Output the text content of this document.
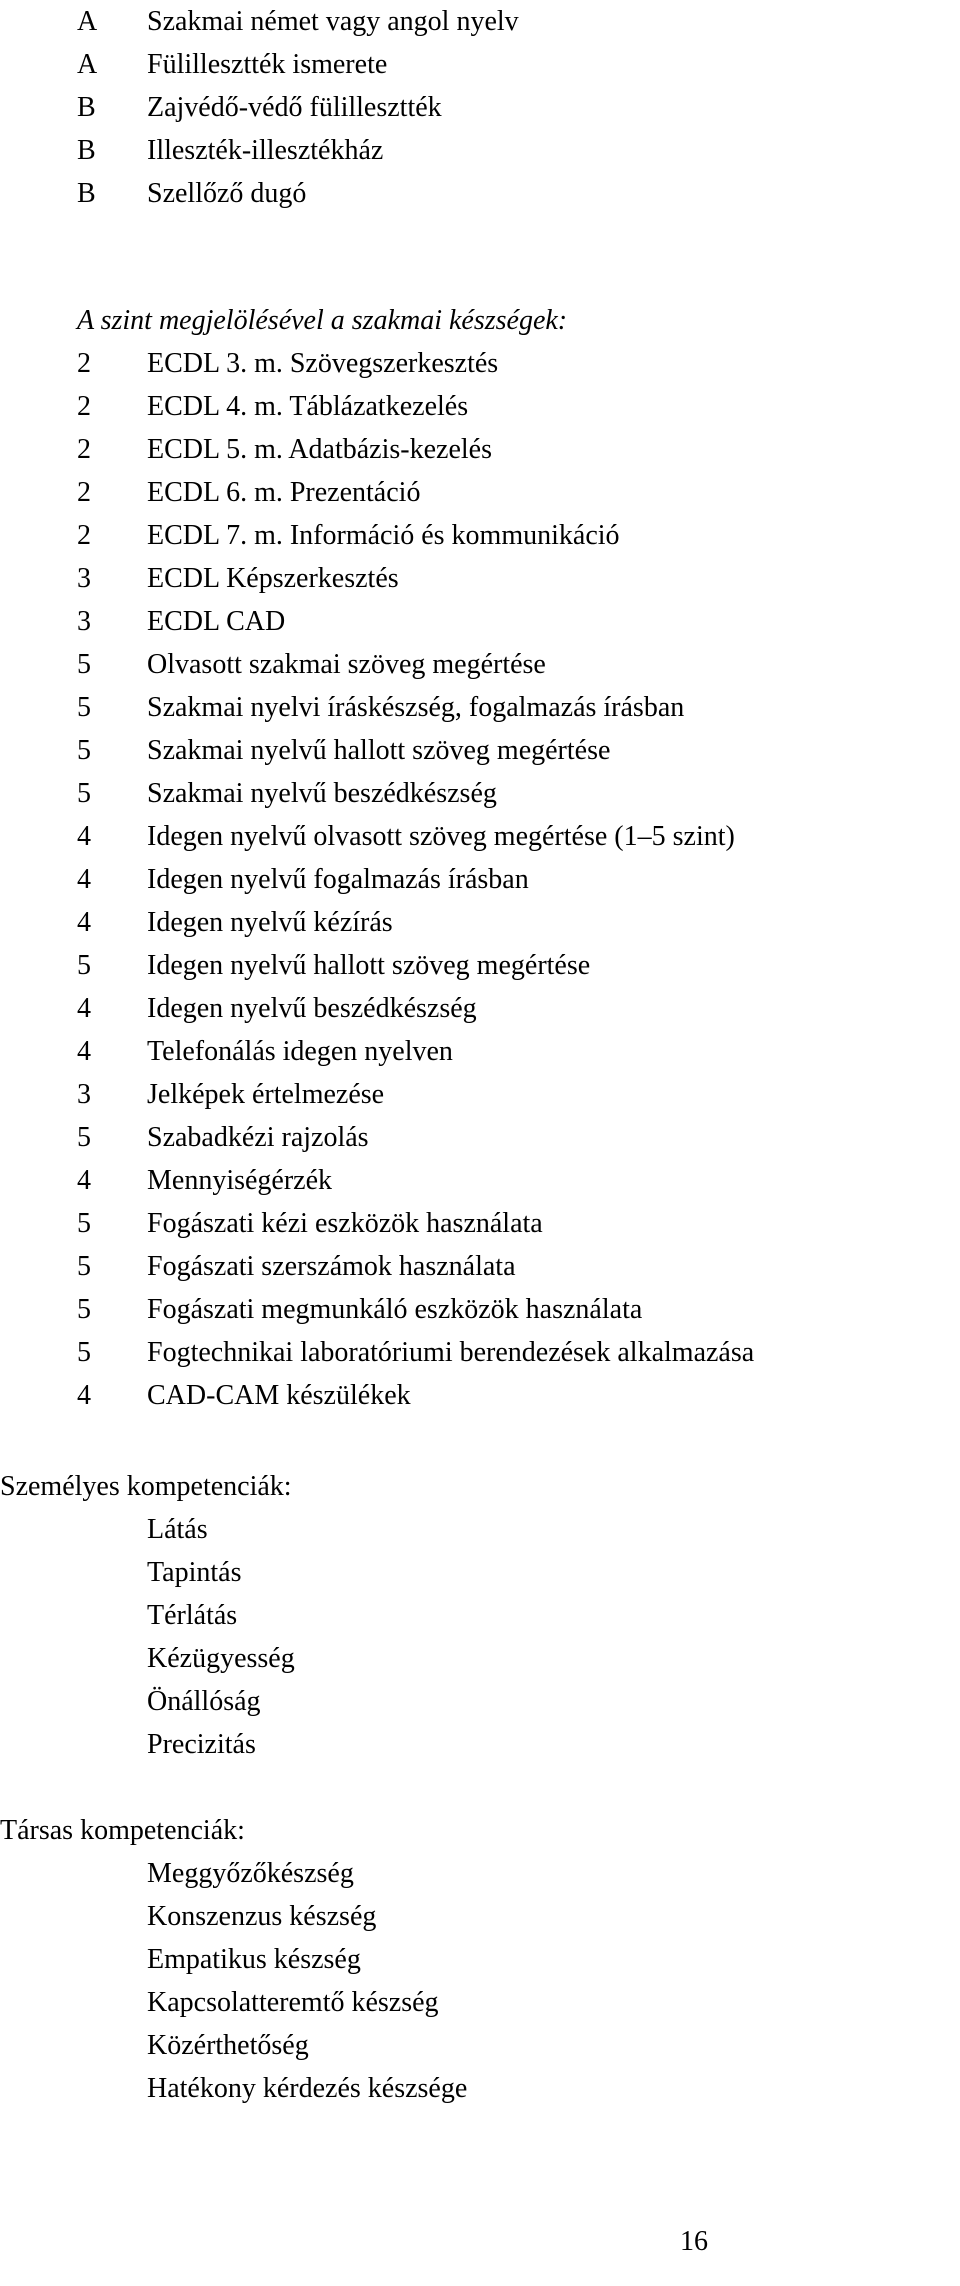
A Szakmai német vagy angol nyelv
A Fülillesztték ismerete
B Zajvédő-védő fülillesztték
B Illeszték-illesztékház
B Szellőző dugó
A szint megjelölésével a szakmai készségek:
2 ECDL 3. m. Szövegszerkesztés
2 ECDL 4. m. Táblázatkezelés
2 ECDL 5. m. Adatbázis-kezelés
2 ECDL 6. m. Prezentáció
2 ECDL 7. m. Információ és kommunikáció
3 ECDL Képszerkesztés
3 ECDL CAD
5 Olvasott szakmai szöveg megértése
5 Szakmai nyelvi íráskészség, fogalmazás írásban
5 Szakmai nyelvű hallott szöveg megértése
5 Szakmai nyelvű beszédkészség
4 Idegen nyelvű olvasott szöveg megértése (1–5 szint)
4 Idegen nyelvű fogalmazás írásban
4 Idegen nyelvű kézírás
5 Idegen nyelvű hallott szöveg megértése
4 Idegen nyelvű beszédkészség
4 Telefonálás idegen nyelven
3 Jelképek értelmezése
5 Szabadkézi rajzolás
4 Mennyiségérzék
5 Fogászati kézi eszközök használata
5 Fogászati szerszámok használata
5 Fogászati megmunkáló eszközök használata
5 Fogtechnikai laboratóriumi berendezések alkalmazása
4 CAD-CAM készülékek
Személyes kompetenciák:
Látás
Tapintás
Térlátás
Kézügyesség
Önállóság
Precizitás
Társas kompetenciák:
Meggyőzőkészség
Konszenzus készség
Empatikus készség
Kapcsolatteremtő készség
Közérthetőség
Hatékony kérdezés készsége
16
